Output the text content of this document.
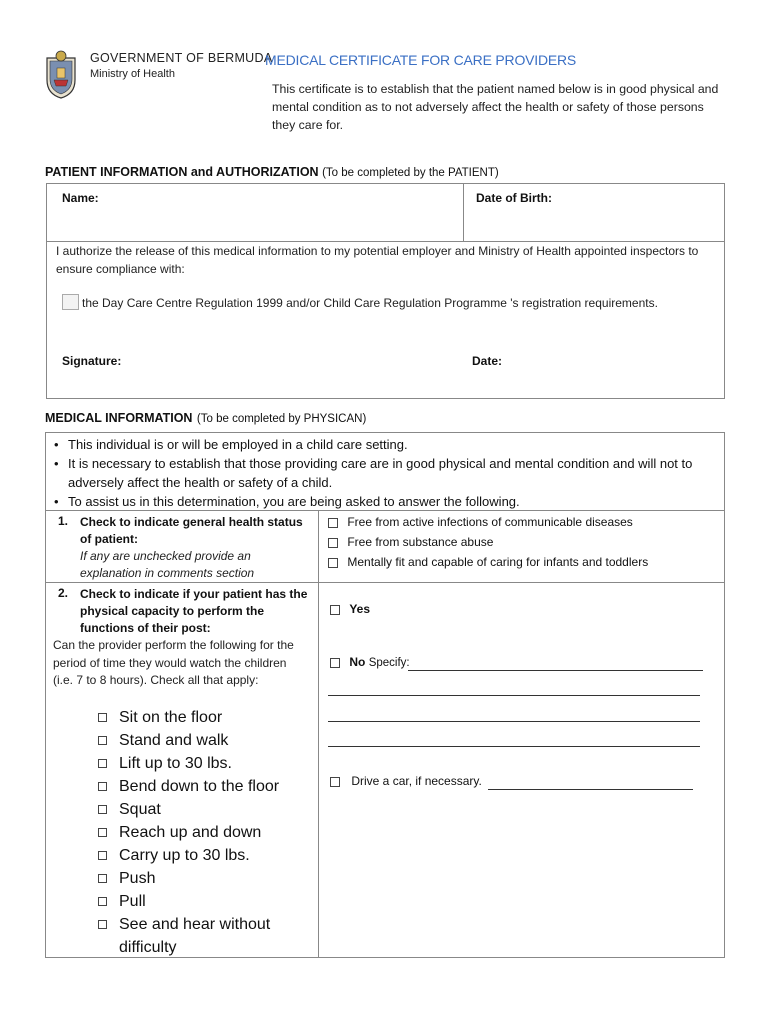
GOVERNMENT OF BERMUDA
Ministry of Health
MEDICAL CERTIFICATE FOR CARE PROVIDERS
This certificate is to establish that the patient named below is in good physical and mental condition as to not adversely affect the health or safety of those persons they care for.
PATIENT INFORMATION and AUTHORIZATION (To be completed by the PATIENT)
Name:	Date of Birth:
I authorize the release of this medical information to my potential employer and Ministry of Health appointed inspectors to ensure compliance with:
the Day Care Centre Regulation 1999 and/or Child Care Regulation Programme 's registration requirements.
Signature:	Date:
MEDICAL INFORMATION (To be completed by PHYSICAN)
• This individual is or will be employed in a child care setting.
• It is necessary to establish that those providing care are in good physical and mental condition and will not to adversely affect the health or safety of a child.
• To assist us in this determination, you are being asked to answer the following.
1. Check to indicate general health status of patient:
If any are unchecked provide an explanation in comments section
Free from active infections of communicable diseases
Free from substance abuse
Mentally fit and capable of caring for infants and toddlers
2. Check to indicate if your patient has the physical capacity to perform the functions of their post:
Can the provider perform the following for the period of time they would watch the children (i.e. 7 to 8 hours). Check all that apply:
Sit on the floor
Stand and walk
Lift up to 30 lbs.
Bend down to the floor
Squat
Reach up and down
Carry up to 30 lbs.
Push
Pull
See and hear without difficulty
Yes
No Specify:
Drive a car, if necessary.
